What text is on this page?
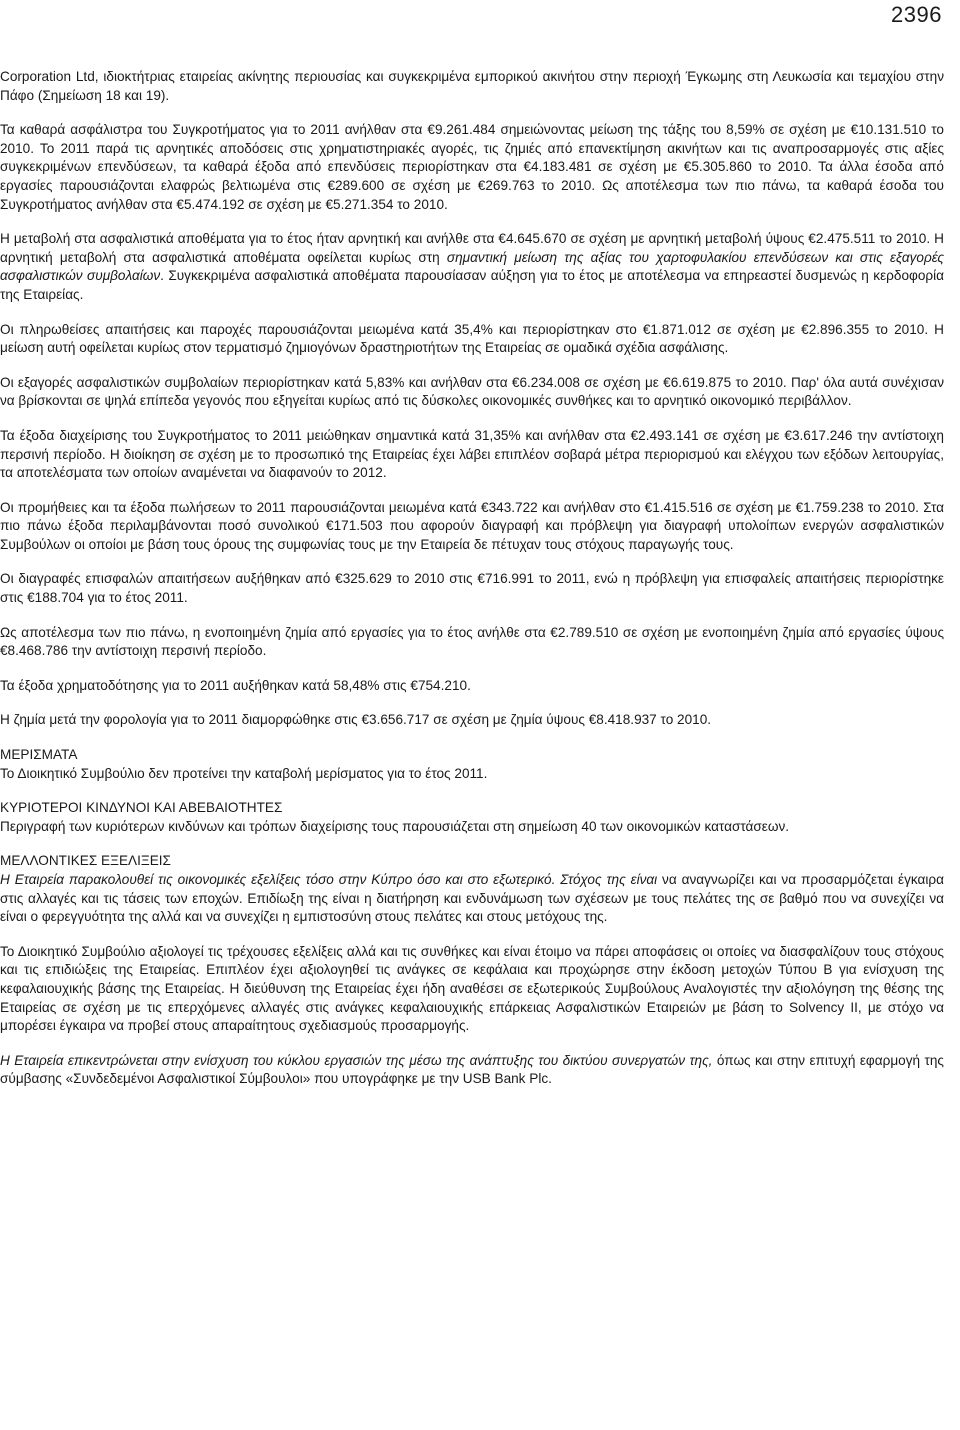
2396

Corporation Ltd, ιδιοκτήτριας εταιρείας ακίνητης περιουσίας και συγκεκριμένα εμπορικού ακινήτου στην περιοχή Έγκωμης στη Λευκωσία και τεμαχίου στην Πάφο (Σημείωση 18 και 19).

Τα καθαρά ασφάλιστρα του Συγκροτήματος για το 2011 ανήλθαν στα €9.261.484 σημειώνοντας μείωση της τάξης του 8,59% σε σχέση με €10.131.510 το 2010. Το 2011 παρά τις αρνητικές αποδόσεις στις χρηματιστηριακές αγορές, τις ζημιές από επανεκτίμηση ακινήτων και τις αναπροσαρμογές στις αξίες συγκεκριμένων επενδύσεων, τα καθαρά έξοδα από επενδύσεις περιορίστηκαν στα €4.183.481 σε σχέση με €5.305.860 το 2010. Τα άλλα έσοδα από εργασίες παρουσιάζονται ελαφρώς βελτιωμένα στις €289.600 σε σχέση με €269.763 το 2010. Ως αποτέλεσμα των πιο πάνω, τα καθαρά έσοδα του Συγκροτήματος ανήλθαν στα €5.474.192 σε σχέση με €5.271.354 το 2010.

Η μεταβολή στα ασφαλιστικά αποθέματα για το έτος ήταν αρνητική και ανήλθε στα €4.645.670 σε σχέση με αρνητική μεταβολή ύψους €2.475.511 το 2010. Η αρνητική μεταβολή στα ασφαλιστικά αποθέματα οφείλεται κυρίως στη σημαντική μείωση της αξίας του χαρτοφυλακίου επενδύσεων και στις εξαγορές ασφαλιστικών συμβολαίων. Συγκεκριμένα ασφαλιστικά αποθέματα παρουσίασαν αύξηση για το έτος με αποτέλεσμα να επηρεαστεί δυσμενώς η κερδοφορία της Εταιρείας.

Οι πληρωθείσες απαιτήσεις και παροχές παρουσιάζονται μειωμένα κατά 35,4% και περιορίστηκαν στο €1.871.012 σε σχέση με €2.896.355 το 2010. Η μείωση αυτή οφείλεται κυρίως στον τερματισμό ζημιογόνων δραστηριοτήτων της Εταιρείας σε ομαδικά σχέδια ασφάλισης.

Οι εξαγορές ασφαλιστικών συμβολαίων περιορίστηκαν κατά 5,83% και ανήλθαν στα €6.234.008 σε σχέση με €6.619.875 το 2010. Παρ' όλα αυτά συνέχισαν να βρίσκονται σε ψηλά επίπεδα γεγονός που εξηγείται κυρίως από τις δύσκολες οικονομικές συνθήκες και το αρνητικό οικονομικό περιβάλλον.

Τα έξοδα διαχείρισης του Συγκροτήματος το 2011 μειώθηκαν σημαντικά κατά 31,35% και ανήλθαν στα €2.493.141 σε σχέση με €3.617.246 την αντίστοιχη περσινή περίοδο. Η διοίκηση σε σχέση με το προσωπικό της Εταιρείας έχει λάβει επιπλέον σοβαρά μέτρα περιορισμού και ελέγχου των εξόδων λειτουργίας, τα αποτελέσματα των οποίων αναμένεται να διαφανούν το 2012.

Οι προμήθειες και τα έξοδα πωλήσεων το 2011 παρουσιάζονται μειωμένα κατά €343.722 και ανήλθαν στο €1.415.516 σε σχέση με €1.759.238 το 2010. Στα πιο πάνω έξοδα περιλαμβάνονται ποσό συνολικού €171.503 που αφορούν διαγραφή και πρόβλεψη για διαγραφή υπολοίπων ενεργών ασφαλιστικών Συμβούλων οι οποίοι με βάση τους όρους της συμφωνίας τους με την Εταιρεία δε πέτυχαν τους στόχους παραγωγής τους.

Οι διαγραφές επισφαλών απαιτήσεων αυξήθηκαν από €325.629 το 2010 στις €716.991 το 2011, ενώ η πρόβλεψη για επισφαλείς απαιτήσεις περιορίστηκε στις €188.704 για το έτος 2011.

Ως αποτέλεσμα των πιο πάνω, η ενοποιημένη ζημία από εργασίες για το έτος ανήλθε στα €2.789.510 σε σχέση με ενοποιημένη ζημία από εργασίες ύψους €8.468.786 την αντίστοιχη περσινή περίοδο.

Τα έξοδα χρηματοδότησης για το 2011 αυξήθηκαν κατά 58,48% στις €754.210.

Η ζημία μετά την φορολογία για το 2011 διαμορφώθηκε στις €3.656.717 σε σχέση με ζημία ύψους €8.418.937 το 2010.

ΜΕΡΙΣΜΑΤΑ

Το Διοικητικό Συμβούλιο δεν προτείνει την καταβολή μερίσματος για το έτος 2011.

ΚΥΡΙΟΤΕΡΟΙ ΚΙΝΔΥΝΟΙ ΚΑΙ ΑΒΕΒΑΙΟΤΗΤΕΣ

Περιγραφή των κυριότερων κινδύνων και τρόπων διαχείρισης τους παρουσιάζεται στη σημείωση 40 των οικονομικών καταστάσεων.

ΜΕΛΛΟΝΤΙΚΕΣ ΕΞΕΛΙΞΕΙΣ

Η Εταιρεία παρακολουθεί τις οικονομικές εξελίξεις τόσο στην Κύπρο όσο και στο εξωτερικό. Στόχος της είναι να αναγνωρίζει και να προσαρμόζεται έγκαιρα στις αλλαγές και τις τάσεις των εποχών. Επιδίωξη της είναι η διατήρηση και ενδυνάμωση των σχέσεων με τους πελάτες της σε βαθμό που να συνεχίζει να είναι ο φερεγγυότητα της αλλά και να συνεχίζει η εμπιστοσύνη στους πελάτες και στους μετόχους της.

Το Διοικητικό Συμβούλιο αξιολογεί τις τρέχουσες εξελίξεις αλλά και τις συνθήκες και είναι έτοιμο να πάρει αποφάσεις οι οποίες να διασφαλίζουν τους στόχους και τις επιδιώξεις της Εταιρείας. Επιπλέον έχει αξιολογηθεί τις ανάγκες σε κεφάλαια και προχώρησε στην έκδοση μετοχών Τύπου Β για ενίσχυση της κεφαλαιουχικής βάσης της Εταιρείας. Η διεύθυνση της Εταιρείας έχει ήδη αναθέσει σε εξωτερικούς Συμβούλους Αναλογιστές την αξιολόγηση της θέσης της Εταιρείας σε σχέση με τις επερχόμενες αλλαγές στις ανάγκες κεφαλαιουχικής επάρκειας Ασφαλιστικών Εταιρειών με βάση το Solvency II, με στόχο να μπορέσει έγκαιρα να προβεί στους απαραίτητους σχεδιασμούς προσαρμογής.

Η Εταιρεία επικεντρώνεται στην ενίσχυση του κύκλου εργασιών της μέσω της ανάπτυξης του δικτύου συνεργατών της, όπως και στην επιτυχή εφαρμογή της σύμβασης «Συνδεδεμένοι Ασφαλιστικοί Σύμβουλοι» που υπογράφηκε με την USB Bank Plc.
